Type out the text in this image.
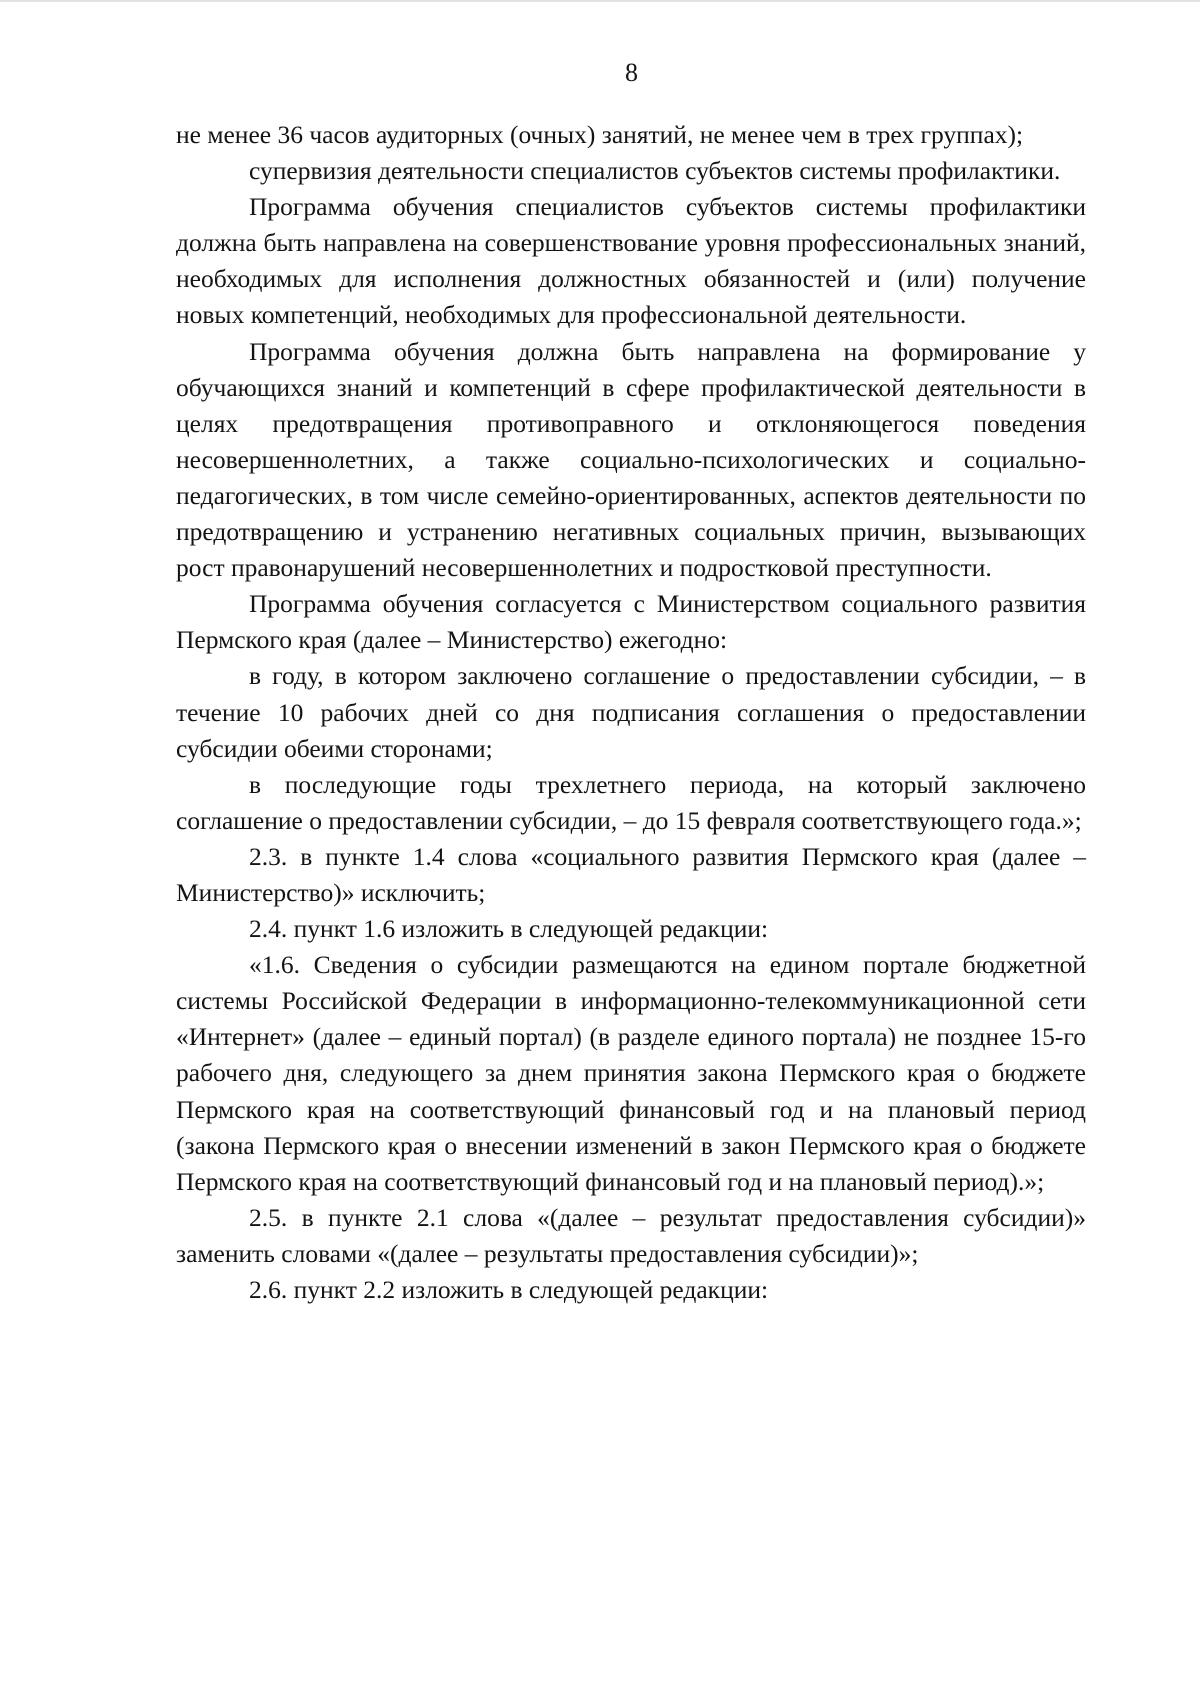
8

не менее 36 часов аудиторных (очных) занятий, не менее чем в трех группах);

супервизия деятельности специалистов субъектов системы профилактики.

Программа обучения специалистов субъектов системы профилактики должна быть направлена на совершенствование уровня профессиональных знаний, необходимых для исполнения должностных обязанностей и (или) получение новых компетенций, необходимых для профессиональной деятельности.

Программа обучения должна быть направлена на формирование у обучающихся знаний и компетенций в сфере профилактической деятельности в целях предотвращения противоправного и отклоняющегося поведения несовершеннолетних, а также социально-психологических и социально-педагогических, в том числе семейно-ориентированных, аспектов деятельности по предотвращению и устранению негативных социальных причин, вызывающих рост правонарушений несовершеннолетних и подростковой преступности.

Программа обучения согласуется с Министерством социального развития Пермского края (далее – Министерство) ежегодно:

в году, в котором заключено соглашение о предоставлении субсидии, – в течение 10 рабочих дней со дня подписания соглашения о предоставлении субсидии обеими сторонами;

в последующие годы трехлетнего периода, на который заключено соглашение о предоставлении субсидии, – до 15 февраля соответствующего года.»;

2.3. в пункте 1.4 слова «социального развития Пермского края (далее – Министерство)» исключить;

2.4. пункт 1.6 изложить в следующей редакции:

«1.6. Сведения о субсидии размещаются на едином портале бюджетной системы Российской Федерации в информационно-телекоммуникационной сети «Интернет» (далее – единый портал) (в разделе единого портала) не позднее 15-го рабочего дня, следующего за днем принятия закона Пермского края о бюджете Пермского края на соответствующий финансовый год и на плановый период (закона Пермского края о внесении изменений в закон Пермского края о бюджете Пермского края на соответствующий финансовый год и на плановый период).»;

2.5. в пункте 2.1 слова «(далее – результат предоставления субсидии)» заменить словами «(далее – результаты предоставления субсидии)»;

2.6. пункт 2.2 изложить в следующей редакции:
